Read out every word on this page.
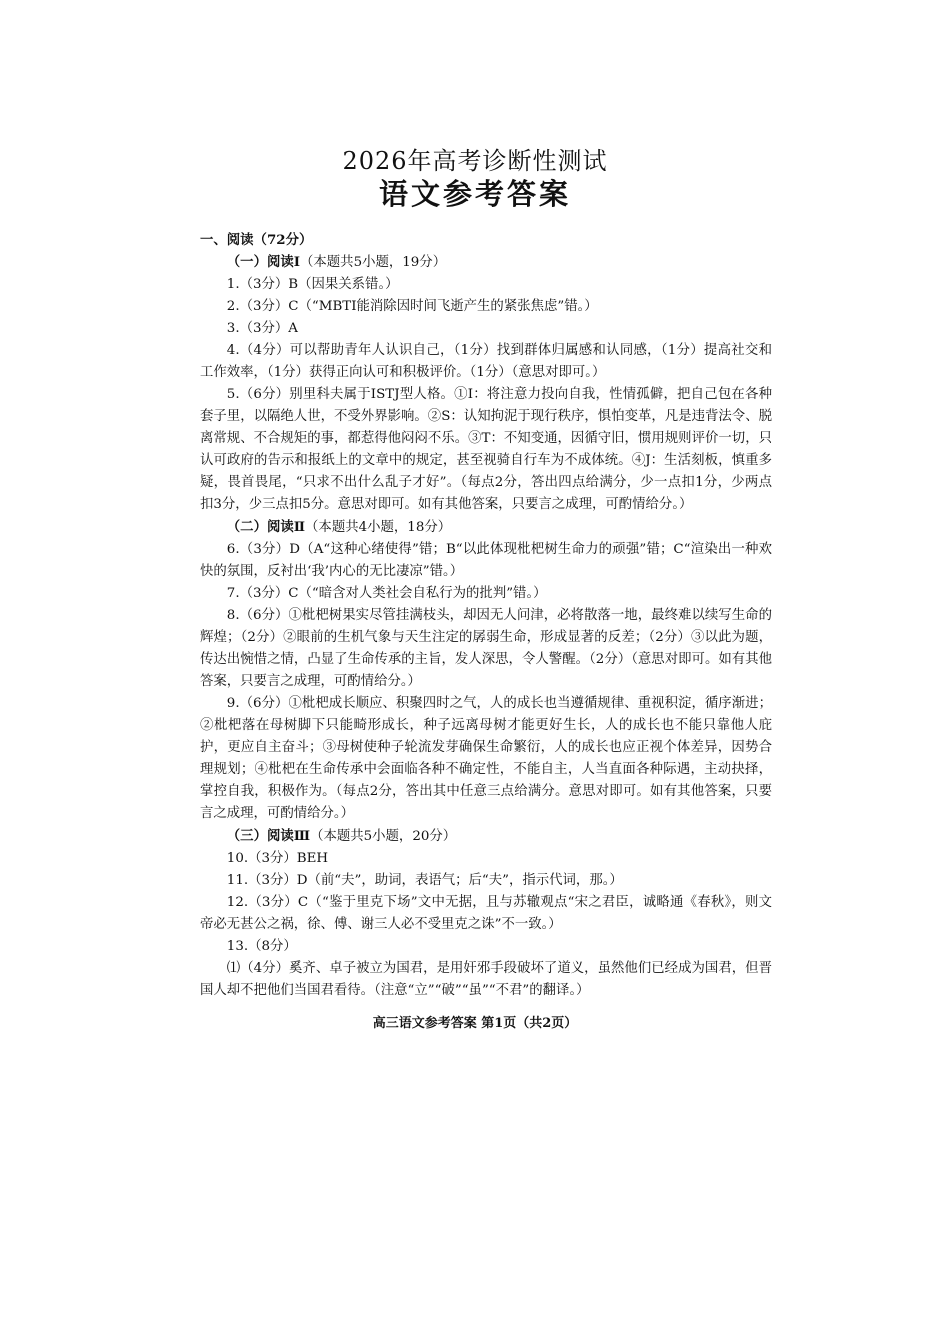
2026年高考诊断性测试
语文参考答案

一、阅读（72分）

（一）阅读Ⅰ（本题共5小题，19分）

1.（3分）B（因果关系错。）

2.（3分）C（“MBTI能消除因时间飞逝产生的紧张焦虑”错。）

3.（3分）A

4.（4分）可以帮助青年人认识自己，（1分）找到群体归属感和认同感，（1分）提高社交和工作效率，（1分）获得正向认可和积极评价。（1分）（意思对即可。）

5.（6分）别里科夫属于ISTJ型人格。①I：将注意力投向自我，性情孤僻，把自己包在各种套子里，以隔绝人世，不受外界影响。②S：认知拘泥于现行秩序，惧怕变革，凡是违背法令、脱离常规、不合规矩的事，都惹得他闷闷不乐。③T：不知变通，因循守旧，惯用规则评价一切，只认可政府的告示和报纸上的文章中的规定，甚至视骑自行车为不成体统。④J：生活刻板，慎重多疑，畏首畏尾，“只求不出什么乱子才好”。（每点2分，答出四点给满分，少一点扣1分，少两点扣3分，少三点扣5分。意思对即可。如有其他答案，只要言之成理，可酌情给分。）

（二）阅读Ⅱ（本题共4小题，18分）

6.（3分）D（A“这种心绪使得”错；B“以此体现枇杷树生命力的顽强”错；C“渲染出一种欢快的氛围，反衬出‘我’内心的无比凄凉”错。）

7.（3分）C（“暗含对人类社会自私行为的批判”错。）

8.（6分）①枇杷树果实尽管挂满枝头，却因无人问津，必将散落一地，最终难以续写生命的辉煌；（2分）②眼前的生机气象与天生注定的孱弱生命，形成显著的反差；（2分）③以此为题，传达出惋惜之情，凸显了生命传承的主旨，发人深思，令人警醒。（2分）（意思对即可。如有其他答案，只要言之成理，可酌情给分。）

9.（6分）①枇杷成长顺应、积聚四时之气，人的成长也当遵循规律、重视积淀，循序渐进；②枇杷落在母树脚下只能畸形成长，种子远离母树才能更好生长，人的成长也不能只靠他人庇护，更应自主奋斗；③母树使种子轮流发芽确保生命繁衍，人的成长也应正视个体差异，因势合理规划；④枇杷在生命传承中会面临各种不确定性，不能自主，人当直面各种际遇，主动抉择，掌控自我，积极作为。（每点2分，答出其中任意三点给满分。意思对即可。如有其他答案，只要言之成理，可酌情给分。）

（三）阅读Ⅲ（本题共5小题，20分）

10.（3分）BEH

11.（3分）D（前“夫”，助词，表语气；后“夫”，指示代词，那。）

12.（3分）C（“鉴于里克下场”文中无据，且与苏辙观点“宋之君臣，诚略通《春秋》，则文帝必无甚公之祸，徐、傅、谢三人必不受里克之诛”不一致。）

13.（8分）

⑴（4分）奚齐、卓子被立为国君，是用奸邪手段破坏了道义，虽然他们已经成为国君，但晋国人却不把他们当国君看待。（注意“立”“破”“虽”“不君”的翻译。）

高三语文参考答案 第1页（共2页）
